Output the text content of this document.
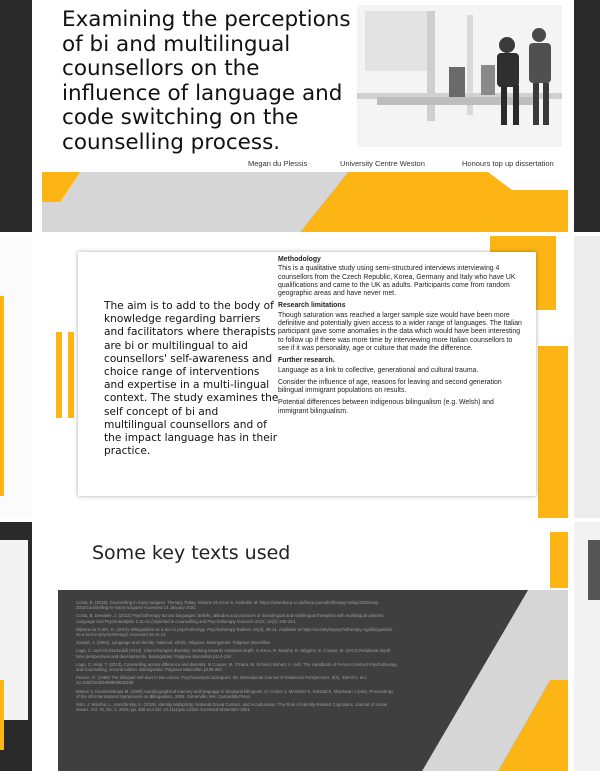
Examining the perceptions of bi and multilingual counsellors on the influence of language and code switching on the counselling process.
Megan du Plessis	University Centre Weston	Honours top up dissertation
The aim is to add to the body of knowledge regarding barriers and facilitators where therapists are bi or multilingual to aid counsellors' self-awareness and choice range of interventions and expertise in a multi-lingual context. The study examines the self concept of bi and multilingual counsellors and of the impact language has in their practice.
Methodology

This is a qualitative study using semi-structured interviews interviewing 4 counsellors from the Czech Republic, Korea, Germany and Italy who have UK qualifications and came to the UK as adults. Participants come from random geographic areas and have never met.

Research limitations

Though saturation was reached a larger sample size would have been more definitive and potentially given access to a wider range of languages. The Italian participant gave some anomalies in the data which would have been interesting to follow up if there was more time by interviewing more Italian counsellors to see if it was personality, age or culture that made the difference.

Further research.

Language as a link to collective, generational and cultural trauma.

Consider the influence of age, reasons for leaving and second generation bilingual immigrant populations on results.

Potential differences between indigenous bilingualism (e.g. Welsh) and immigrant bilingualism.

Some key texts used
Costa, B. (2016). Counselling in many tongues. Therapy Today, Volume 25 Issue 6. Available at: https://www.bacp.co.uk/bacp-journals/therapy-today/2016/may-2016/counselling-in-many-tongues/ Accessed 14 January 2021
Costa, B. Dewaele, J. (2012) Psychotherapy across languages: beliefs, attitudes and practices of monolingual and multilingual therapists with multilingual patients. Language and Psychoanalysis 1:31-41 (reprinted in Counselling and Psychotherapy research 2012; 14(3): 235-244.
Dijkstra ka Curtis, D. (2016). Bilingualism as a tool in psychotherapy. Psychotherapy Bulletin, 51(4), 38-41. Available at https://societyforpsychotherapy.org/bilingualism-as-a-tool-in-psychotherapy/ Accessed 25-11-21
Joseph, J. (2004). Language and Identity: National, ethnic, religious. Basingstoke: Palgrave Macmillan
Lago, C. and Christodoulidi (2013). Client-therapist diversity: working towards relational depth. In Knox, R. Murphy, D. Wiggins, S. Cooper, M. (2013) Relational depth: New perspectives and developments. Basingstoke: Palgrave Macmillan p114-128
Lago, C. Hirai, T. (2013). Counselling across difference and diversity. In Cooper, M. O'Hara, M. Schmid, Bohart, A. (ed). The Handbook of Person-Centred Psychotherapy and Counselling, second edition. Basingstoke: Palgrave Macmillan p436-452
Pearce, R. (1998) The bilingual self-duet in two voices. Psychoanalytic Dialogues: the international Journal of Relational Perspectives, 8(3), 339-371. doi: 10.1080/10481889809539259
Marian V, Kaushanskaya M. (2005) Autobiographical memory and language in bicultural bilinguals. In: Cohen J, McAlister K, Rolstad K, MacSwan J (eds). Proceedings of the 4th International Symposium on Bilingualism, 2005. Somerville, MA: Cascadilla Press
Sirin, J. Wincha, L., Kanchinsky, K. (2019). Identity Multiplicity, National Group Contact, and Acculturation: The Role of Identity-Related Cognitions. Journal of Social Issues, Vol. 75, No. 2, 2019, pp. 486-514 doi: 10.1111/josi.12322 Accessed November 2021
